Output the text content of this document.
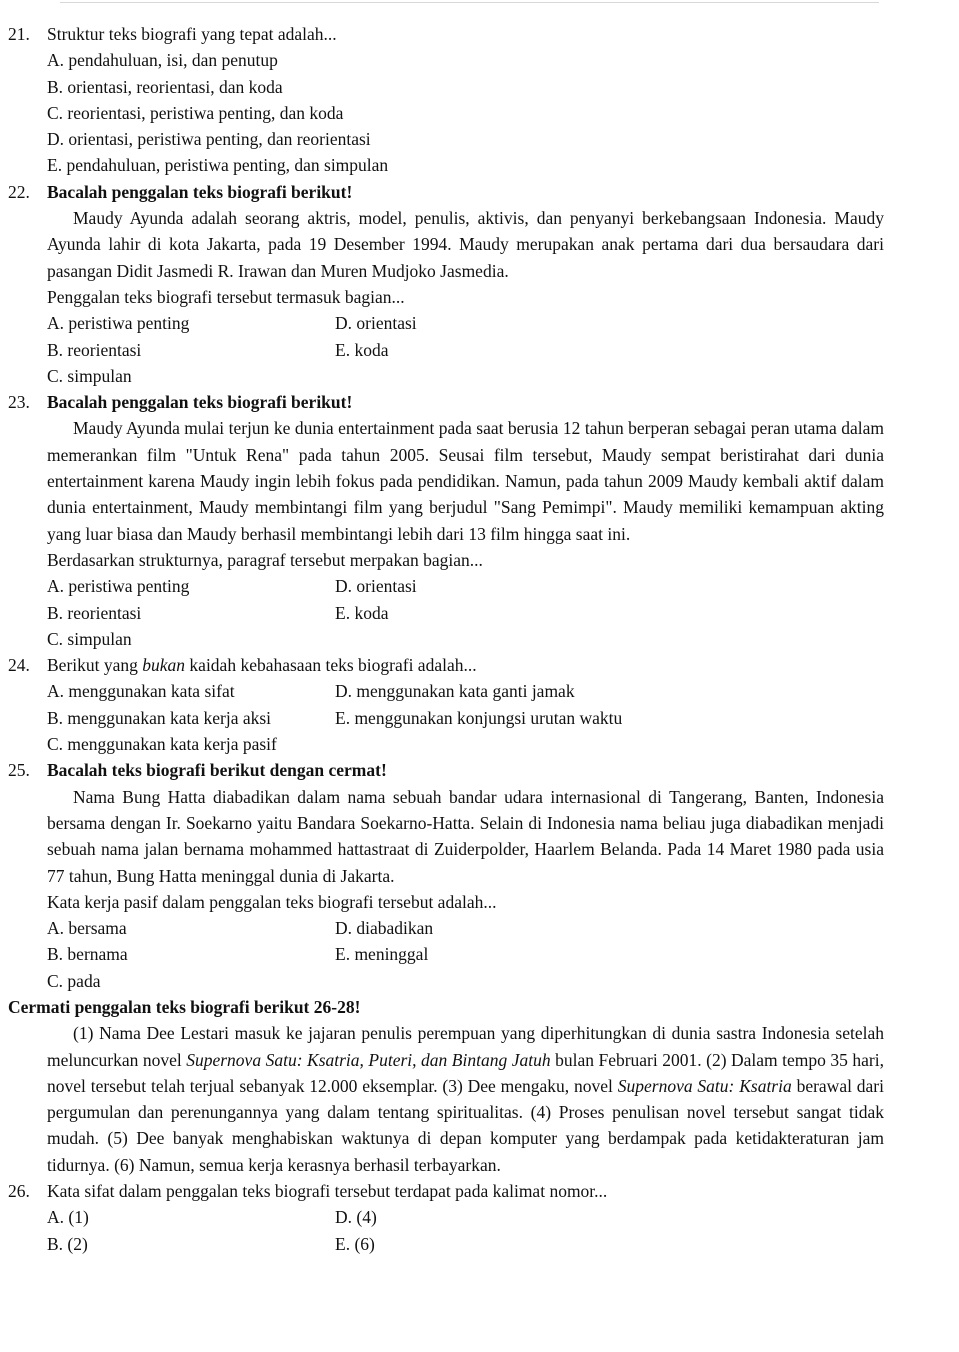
21. Struktur teks biografi yang tepat adalah...
A. pendahuluan, isi, dan penutup
B. orientasi, reorientasi, dan koda
C. reorientasi, peristiwa penting, dan koda
D. orientasi, peristiwa penting, dan reorientasi
E. pendahuluan, peristiwa penting, dan simpulan
22. Bacalah penggalan teks biografi berikut!
Maudy Ayunda adalah seorang aktris, model, penulis, aktivis, dan penyanyi berkebangsaan Indonesia. Maudy Ayunda lahir di kota Jakarta, pada 19 Desember 1994. Maudy merupakan anak pertama dari dua bersaudara dari pasangan Didit Jasmedi R. Irawan dan Muren Mudjoko Jasmedia.
Penggalan teks biografi tersebut termasuk bagian...
A. peristiwa penting	D. orientasi
B. reorientasi	E. koda
C. simpulan
23. Bacalah penggalan teks biografi berikut!
Maudy Ayunda mulai terjun ke dunia entertainment pada saat berusia 12 tahun berperan sebagai peran utama dalam memerankan film "Untuk Rena" pada tahun 2005. Seusai film tersebut, Maudy sempat beristirahat dari dunia entertainment karena Maudy ingin lebih fokus pada pendidikan. Namun, pada tahun 2009 Maudy kembali aktif dalam dunia entertainment, Maudy membintangi film yang berjudul "Sang Pemimpi". Maudy memiliki kemampuan akting yang luar biasa dan Maudy berhasil membintangi lebih dari 13 film hingga saat ini.
Berdasarkan strukturnya, paragraf tersebut merpakan bagian...
A. peristiwa penting	D. orientasi
B. reorientasi	E. koda
C. simpulan
24. Berikut yang bukan kaidah kebahasaan teks biografi adalah...
A. menggunakan kata sifat	D. menggunakan kata ganti jamak
B. menggunakan kata kerja aksi	E. menggunakan konjungsi urutan waktu
C. menggunakan kata kerja pasif
25. Bacalah teks biografi berikut dengan cermat!
Nama Bung Hatta diabadikan dalam nama sebuah bandar udara internasional di Tangerang, Banten, Indonesia bersama dengan Ir. Soekarno yaitu Bandara Soekarno-Hatta. Selain di Indonesia nama beliau juga diabadikan menjadi sebuah nama jalan bernama mohammed hattastraat di Zuiderpolder, Haarlem Belanda. Pada 14 Maret 1980 pada usia 77 tahun, Bung Hatta meninggal dunia di Jakarta.
Kata kerja pasif dalam penggalan teks biografi tersebut adalah...
A. bersama	D. diabadikan
B. bernama	E. meninggal
C. pada
Cermati penggalan teks biografi berikut 26-28!
(1) Nama Dee Lestari masuk ke jajaran penulis perempuan yang diperhitungkan di dunia sastra Indonesia setelah meluncurkan novel Supernova Satu: Ksatria, Puteri, dan Bintang Jatuh bulan Februari 2001. (2) Dalam tempo 35 hari, novel tersebut telah terjual sebanyak 12.000 eksemplar. (3) Dee mengaku, novel Supernova Satu: Ksatria berawal dari pergumulan dan perenungannya yang dalam tentang spiritualitas. (4) Proses penulisan novel tersebut sangat tidak mudah. (5) Dee banyak menghabiskan waktunya di depan komputer yang berdampak pada ketidakteraturan jam tidurnya. (6) Namun, semua kerja kerasnya berhasil terbayarkan.
26. Kata sifat dalam penggalan teks biografi tersebut terdapat pada kalimat nomor...
A. (1)	D. (4)
B. (2)	E. (6)
